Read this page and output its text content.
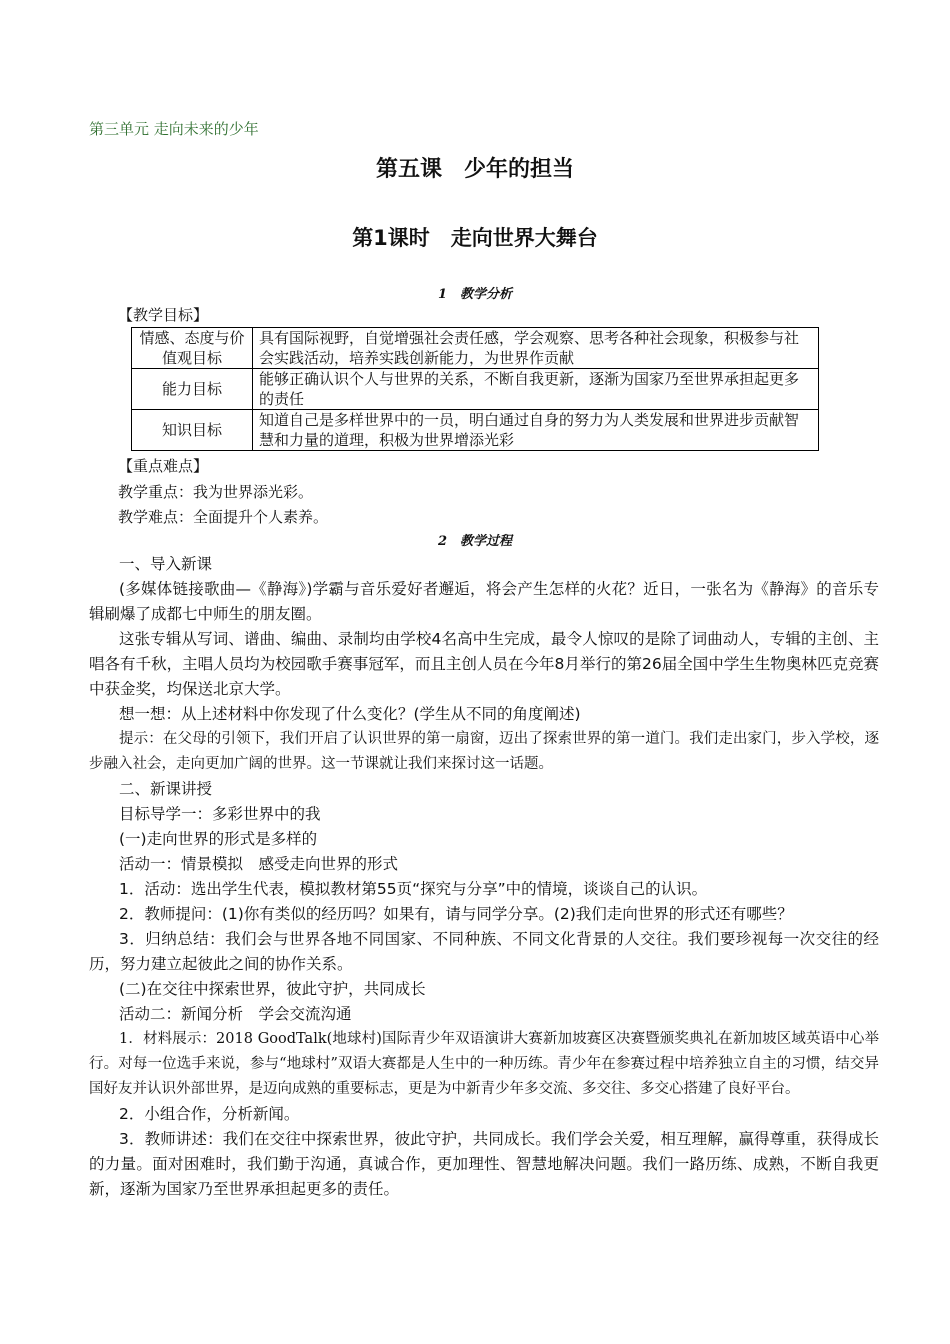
第三单元 走向未来的少年
第五课　少年的担当
第1课时　走向世界大舞台
1　教学分析
【教学目标】
情感、态度与价值观目标	具有国际视野，自觉增强社会责任感，学会观察、思考各种社会现象，积极参与社会实践活动，培养实践创新能力，为世界作贡献
能力目标	能够正确认识个人与世界的关系，不断自我更新，逐渐为国家乃至世界承担起更多的责任
知识目标	知道自己是多样世界中的一员，明白通过自身的努力为人类发展和世界进步贡献智慧和力量的道理，积极为世界增添光彩
【重点难点】
教学重点：我为世界添光彩。
教学难点：全面提升个人素养。
2　教学过程

一、导入新课

(多媒体链接歌曲—《静海》)学霸与音乐爱好者邂逅，将会产生怎样的火花？近日，一张名为《静海》的音乐专辑刷爆了成都七中师生的朋友圈。

这张专辑从写词、谱曲、编曲、录制均由学校4名高中生完成，最令人惊叹的是除了词曲动人，专辑的主创、主唱各有千秋，主唱人员均为校园歌手赛事冠军，而且主创人员在今年8月举行的第26届全国中学生生物奥林匹克竞赛中获金奖，均保送北京大学。

想一想：从上述材料中你发现了什么变化？(学生从不同的角度阐述)

提示：在父母的引领下，我们开启了认识世界的第一扇窗，迈出了探索世界的第一道门。我们走出家门，步入学校，逐步融入社会，走向更加广阔的世界。这一节课就让我们来探讨这一话题。

二、新课讲授

目标导学一：多彩世界中的我

(一)走向世界的形式是多样的

活动一：情景模拟　感受走向世界的形式

1．活动：选出学生代表，模拟教材第55页“探究与分享”中的情境，谈谈自己的认识。

2．教师提问：(1)你有类似的经历吗？如果有，请与同学分享。(2)我们走向世界的形式还有哪些？

3．归纳总结：我们会与世界各地不同国家、不同种族、不同文化背景的人交往。我们要珍视每一次交往的经历，努力建立起彼此之间的协作关系。

(二)在交往中探索世界，彼此守护，共同成长

活动二：新闻分析　学会交流沟通

1．材料展示：2018 GoodTalk(地球村)国际青少年双语演讲大赛新加坡赛区决赛暨颁奖典礼在新加坡区域英语中心举行。对每一位选手来说，参与“地球村”双语大赛都是人生中的一种历练。青少年在参赛过程中培养独立自主的习惯，结交异国好友并认识外部世界，是迈向成熟的重要标志，更是为中新青少年多交流、多交往、多交心搭建了良好平台。

2．小组合作，分析新闻。

3．教师讲述：我们在交往中探索世界，彼此守护，共同成长。我们学会关爱，相互理解，赢得尊重，获得成长的力量。面对困难时，我们勤于沟通，真诚合作，更加理性、智慧地解决问题。我们一路历练、成熟，不断自我更新，逐渐为国家乃至世界承担起更多的责任。
